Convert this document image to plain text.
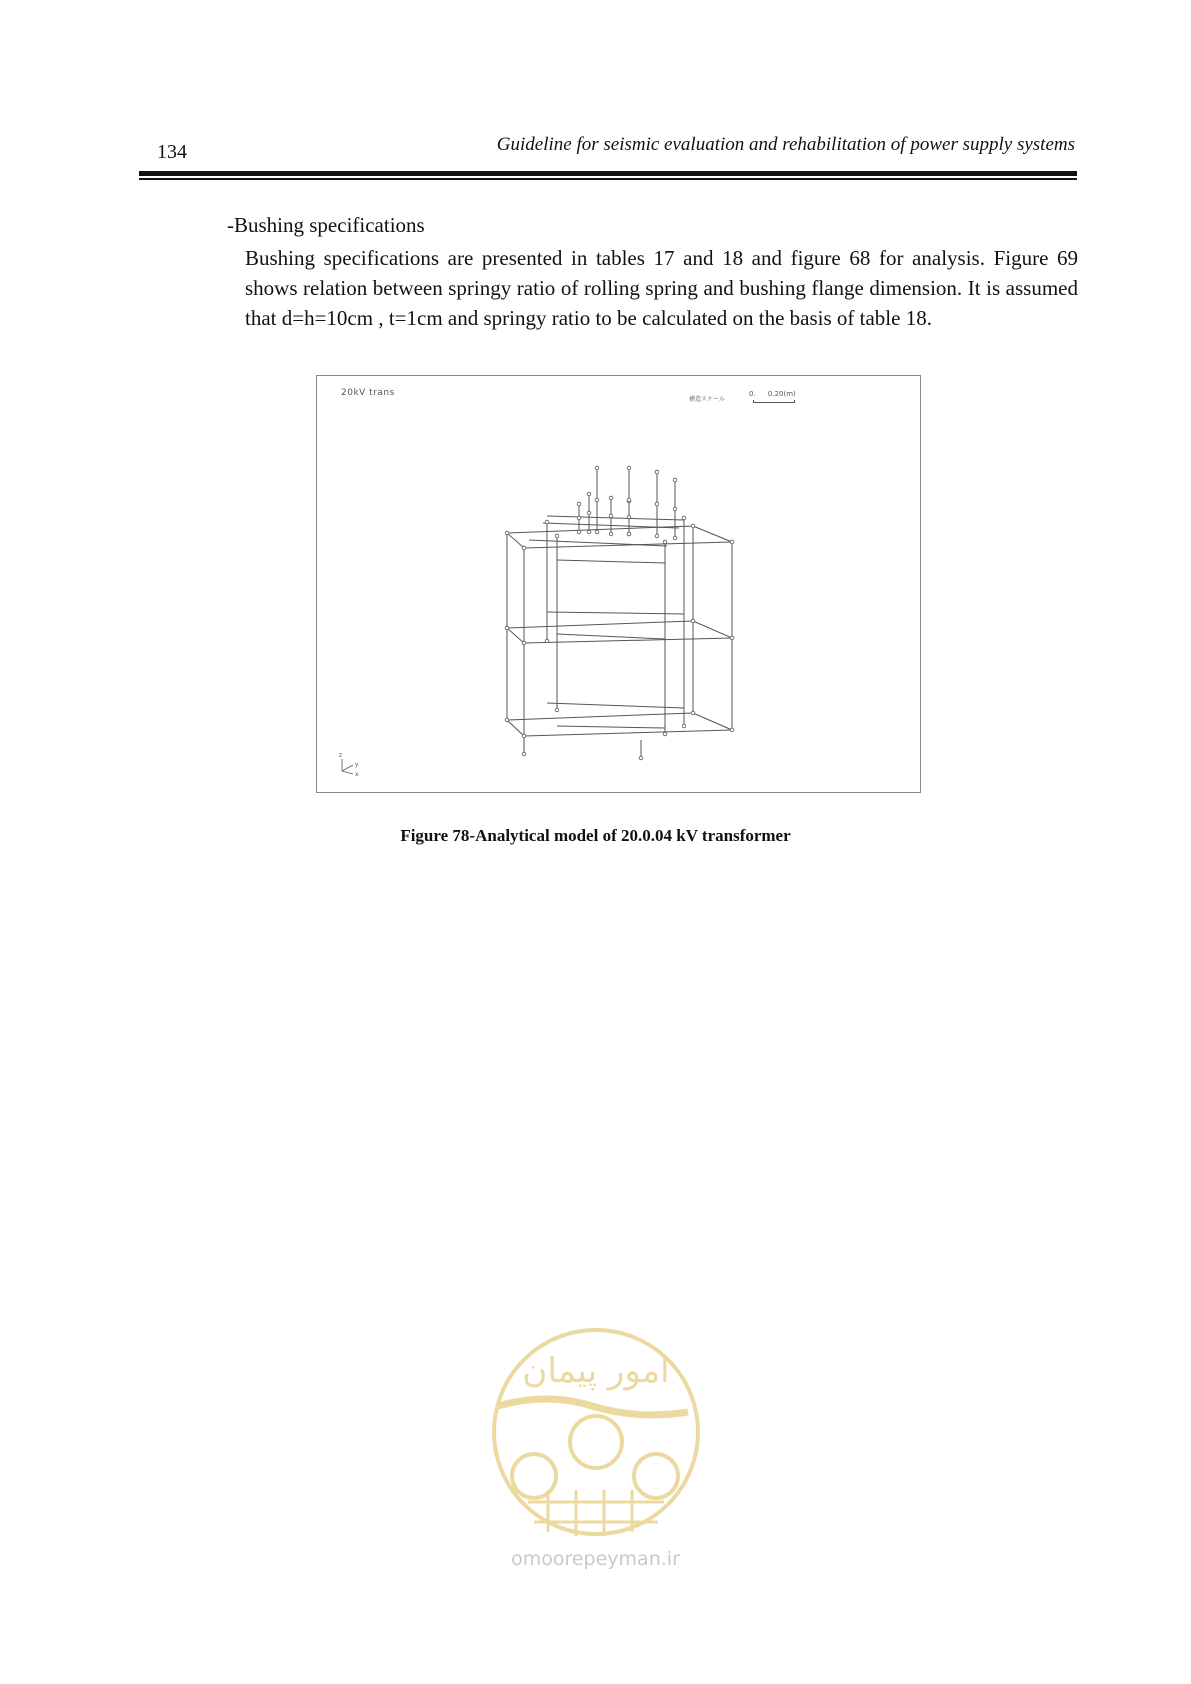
134	Guideline for seismic evaluation and rehabilitation of power supply systems
-Bushing specifications
Bushing specifications are presented in tables 17 and 18 and figure 68 for analysis. Figure 69 shows relation between springy ratio of rolling spring and bushing flange dimension. It is assumed that d=h=10cm , t=1cm and springy ratio to be calculated on the basis of table 18.
20kV trans
構造スケール
0. 0.20(m)
z
y
x
Figure 78-Analytical model of 20.0.04 kV transformer
امور پیمان
omoorepeyman.ir
